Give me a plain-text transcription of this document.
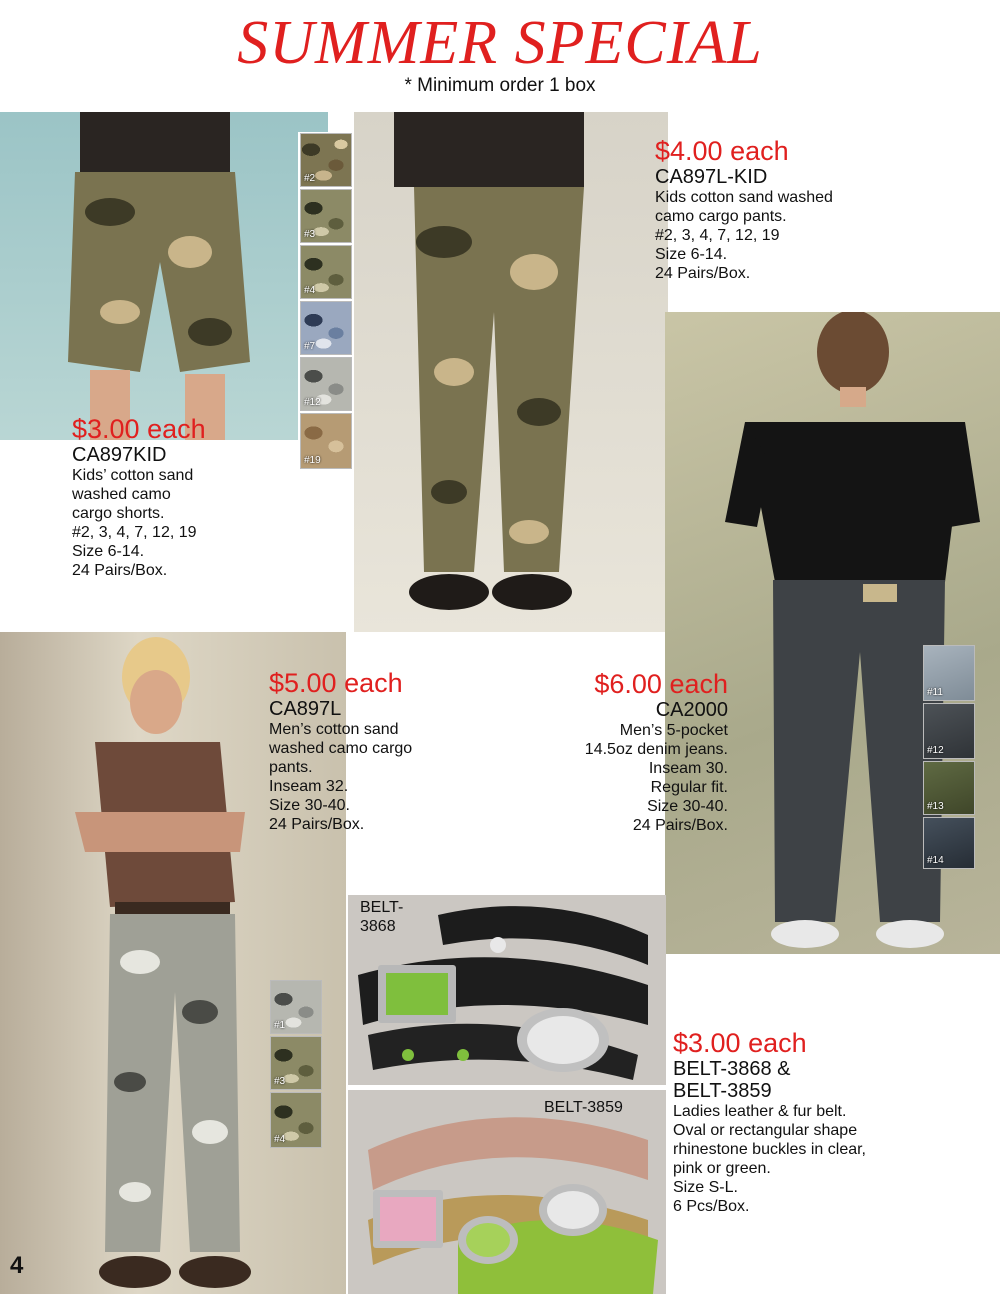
SUMMER SPECIAL
* Minimum order 1 box
#2
#3
#4
#7
#12
#19
$3.00 each
CA897KID
Kids’ cotton sand
washed camo
cargo shorts.
#2, 3, 4, 7, 12, 19
Size 6-14.
24 Pairs/Box.
$4.00 each
CA897L-KID
Kids cotton sand washed
camo cargo pants.
#2, 3, 4, 7, 12, 19
Size 6-14.
24 Pairs/Box.
#11
#12
#13
#14
#1
#3
#4
$5.00 each
CA897L
Men’s cotton sand
washed camo cargo
pants.
Inseam 32.
Size 30-40.
24 Pairs/Box.
$6.00 each
CA2000
Men’s 5-pocket
14.5oz denim jeans.
Inseam 30.
Regular fit.
Size 30-40.
24 Pairs/Box.
BELT-
3868
BELT-3859
$3.00 each
BELT-3868 &
BELT-3859
Ladies leather & fur belt.
Oval or rectangular shape
rhinestone buckles in clear,
pink or green.
Size S-L.
6 Pcs/Box.
4
